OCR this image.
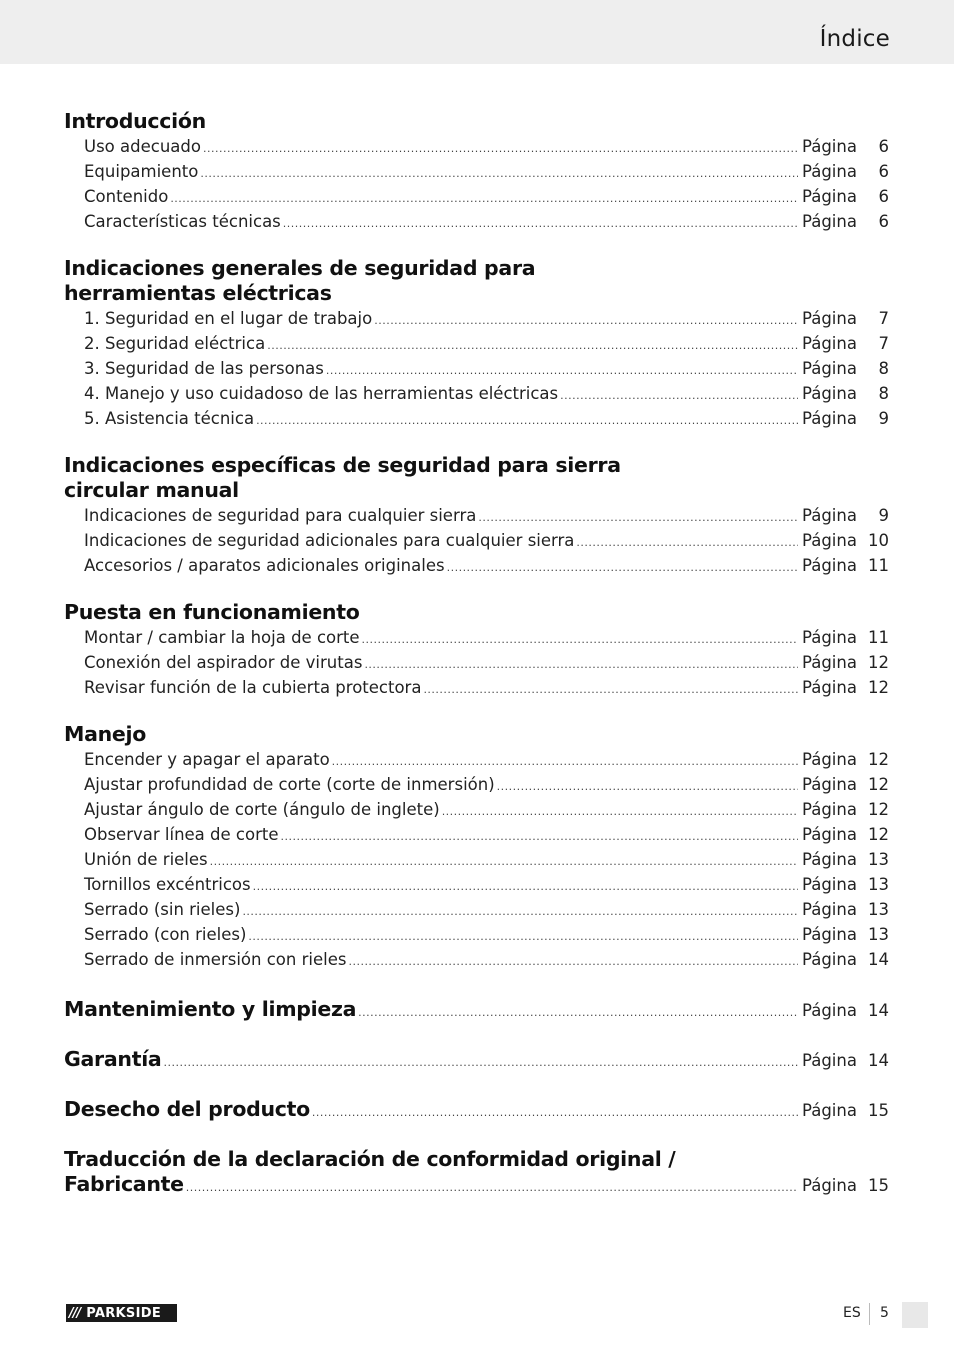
Índice
Introducción
Uso adecuado .....	Página	6
Equipamiento .....	Página	6
Contenido .....	Página	6
Características técnicas .....	Página	6
Indicaciones generales de seguridad para
herramientas eléctricas
1. Seguridad en el lugar de trabajo .....	Página	7
2. Seguridad eléctrica .....	Página	7
3. Seguridad de las personas .....	Página	8
4. Manejo y uso cuidadoso de las herramientas eléctricas .....	Página	8
5. Asistencia técnica .....	Página	9
Indicaciones específicas de seguridad para sierra
circular manual
Indicaciones de seguridad para cualquier sierra .....	Página	9
Indicaciones de seguridad adicionales para cualquier sierra .....	Página 10
Accesorios / aparatos adicionales originales .....	Página 11
Puesta en funcionamiento
Montar / cambiar la hoja de corte .....	Página 11
Conexión del aspirador de virutas .....	Página 12
Revisar función de la cubierta protectora .....	Página 12
Manejo
Encender y apagar el aparato .....	Página 12
Ajustar profundidad de corte (corte de inmersión) .....	Página 12
Ajustar ángulo de corte (ángulo de inglete) .....	Página 12
Observar línea de corte .....	Página 12
Unión de rieles .....	Página 13
Tornillos excéntricos .....	Página 13
Serrado (sin rieles) .....	Página 13
Serrado (con rieles) .....	Página 13
Serrado de inmersión con rieles .....	Página 14
Mantenimiento y limpieza .....	Página 14
Garantía .....	Página 14
Desecho del producto .....	Página 15
Traducción de la declaración de conformidad original /
Fabricante .....	Página 15
/// PARKSIDE	ES 5
